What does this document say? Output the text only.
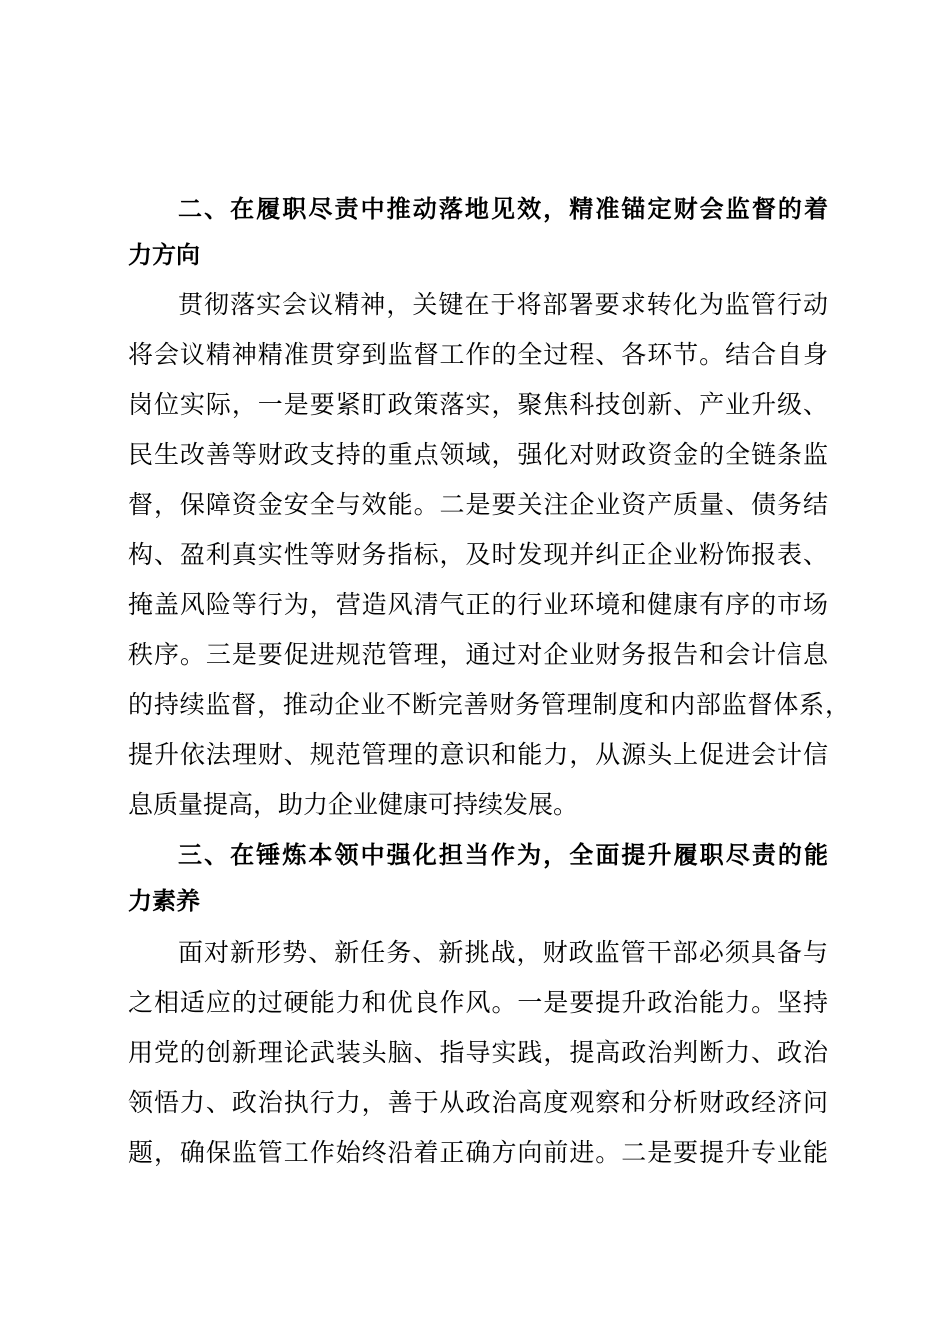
二、在履职尽责中推动落地见效，精准锚定财会监督的着
力方向
贯彻落实会议精神，关键在于将部署要求转化为监管行动
将会议精神精准贯穿到监督工作的全过程、各环节。结合自身
岗位实际，一是要紧盯政策落实，聚焦科技创新、产业升级、
民生改善等财政支持的重点领域，强化对财政资金的全链条监
督，保障资金安全与效能。二是要关注企业资产质量、债务结
构、盈利真实性等财务指标，及时发现并纠正企业粉饰报表、
掩盖风险等行为，营造风清气正的行业环境和健康有序的市场
秩序。三是要促进规范管理，通过对企业财务报告和会计信息
的持续监督，推动企业不断完善财务管理制度和内部监督体系，
提升依法理财、规范管理的意识和能力，从源头上促进会计信
息质量提高，助力企业健康可持续发展。
三、在锤炼本领中强化担当作为，全面提升履职尽责的能
力素养
面对新形势、新任务、新挑战，财政监管干部必须具备与
之相适应的过硬能力和优良作风。一是要提升政治能力。坚持
用党的创新理论武装头脑、指导实践，提高政治判断力、政治
领悟力、政治执行力，善于从政治高度观察和分析财政经济问
题，确保监管工作始终沿着正确方向前进。二是要提升专业能
